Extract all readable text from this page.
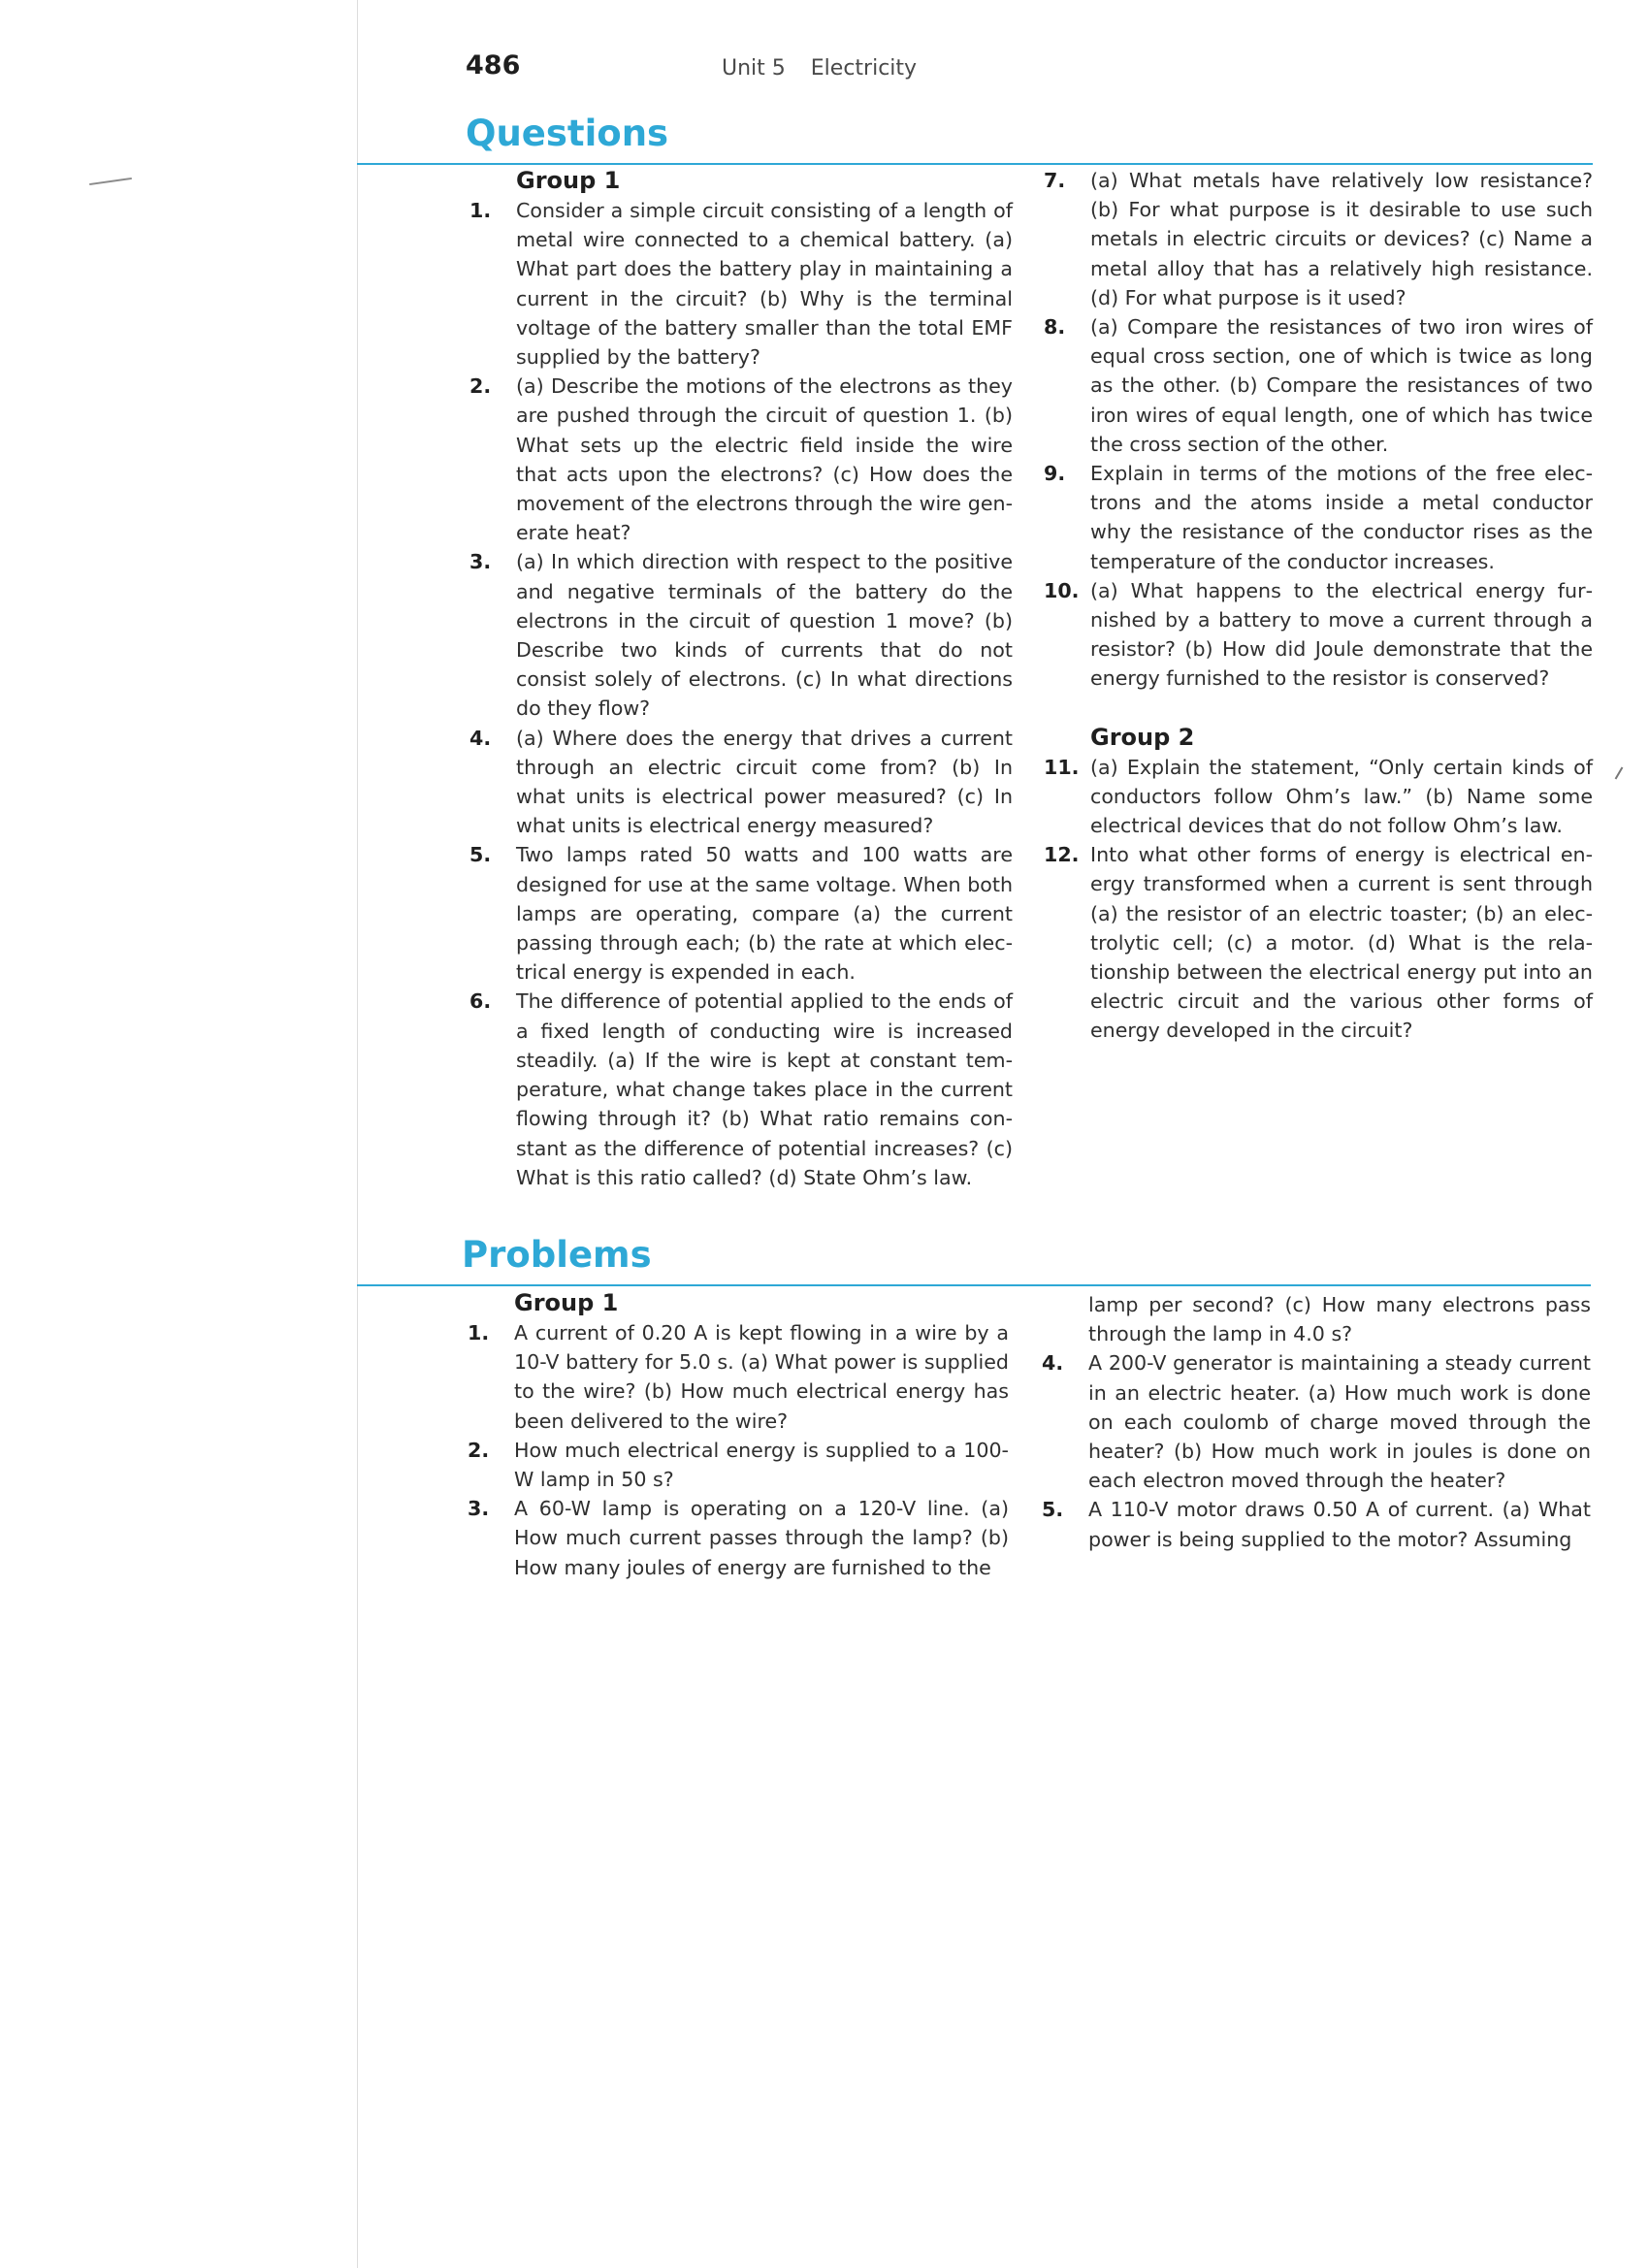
486	Unit 5 Electricity
Questions
Group 1
1.	Consider a simple circuit consisting of a length of metal wire connected to a chemical battery. (a) What part does the battery play in maintaining a current in the circuit? (b) Why is the terminal voltage of the battery smaller than the total EMF supplied by the battery?
2.	(a) Describe the motions of the electrons as they are pushed through the circuit of question 1. (b) What sets up the electric field inside the wire that acts upon the electrons? (c) How does the movement of the electrons through the wire generate heat?
3.	(a) In which direction with respect to the positive and negative terminals of the battery do the electrons in the circuit of question 1 move? (b) Describe two kinds of currents that do not consist solely of electrons. (c) In what directions do they flow?
4.	(a) Where does the energy that drives a current through an electric circuit come from? (b) In what units is electrical power measured? (c) In what units is electrical energy measured?
5.	Two lamps rated 50 watts and 100 watts are designed for use at the same voltage. When both lamps are operating, compare (a) the current passing through each; (b) the rate at which electrical energy is expended in each.
6.	The difference of potential applied to the ends of a fixed length of conducting wire is increased steadily. (a) If the wire is kept at constant temperature, what change takes place in the current flowing through it? (b) What ratio remains constant as the difference of potential increases? (c) What is this ratio called? (d) State Ohm’s law.
7.	(a) What metals have relatively low resistance? (b) For what purpose is it desirable to use such metals in electric circuits or devices? (c) Name a metal alloy that has a relatively high resistance. (d) For what purpose is it used?
8.	(a) Compare the resistances of two iron wires of equal cross section, one of which is twice as long as the other. (b) Compare the resistances of two iron wires of equal length, one of which has twice the cross section of the other.
9.	Explain in terms of the motions of the free electrons and the atoms inside a metal conductor why the resistance of the conductor rises as the temperature of the conductor increases.
10. (a) What happens to the electrical energy furnished by a battery to move a current through a resistor? (b) How did Joule demonstrate that the energy furnished to the resistor is conserved?
Group 2
11. (a) Explain the statement, “Only certain kinds of conductors follow Ohm’s law.” (b) Name some electrical devices that do not follow Ohm’s law.
12. Into what other forms of energy is electrical energy transformed when a current is sent through (a) the resistor of an electric toaster; (b) an electrolytic cell; (c) a motor. (d) What is the relationship between the electrical energy put into an electric circuit and the various other forms of energy developed in the circuit?
Problems
Group 1
1.	A current of 0.20 A is kept flowing in a wire by a 10-V battery for 5.0 s. (a) What power is supplied to the wire? (b) How much electrical energy has been delivered to the wire?
2.	How much electrical energy is supplied to a 100-W lamp in 50 s?
3.	A 60-W lamp is operating on a 120-V line. (a) How much current passes through the lamp? (b) How many joules of energy are furnished to the
lamp per second? (c) How many electrons pass through the lamp in 4.0 s?
4.	A 200-V generator is maintaining a steady current in an electric heater. (a) How much work is done on each coulomb of charge moved through the heater? (b) How much work in joules is done on each electron moved through the heater?
5.	A 110-V motor draws 0.50 A of current. (a) What power is being supplied to the motor? Assuming
